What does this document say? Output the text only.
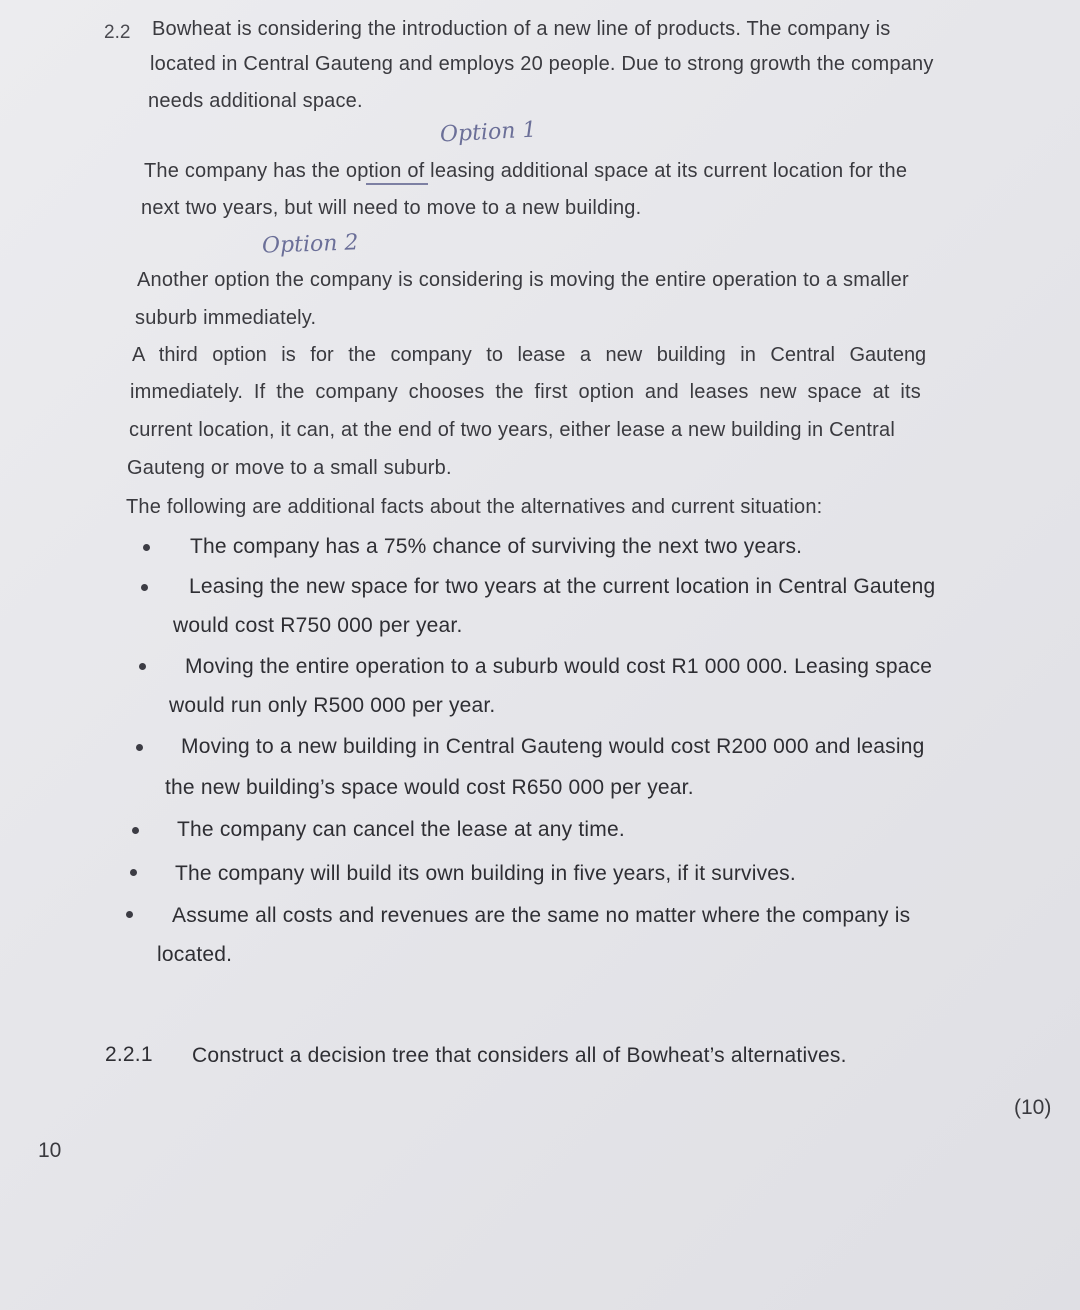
2.2 Bowheat is considering the introduction of a new line of products. The company is
located in Central Gauteng and employs 20 people. Due to strong growth the company
needs additional space.
Option 1
The company has the option of leasing additional space at its current location for the
next two years, but will need to move to a new building.
Option 2
Another option the company is considering is moving the entire operation to a smaller
suburb immediately.
A third option is for the company to lease a new building in Central Gauteng
immediately. If the company chooses the first option and leases new space at its
current location, it can, at the end of two years, either lease a new building in Central
Gauteng or move to a small suburb.
The following are additional facts about the alternatives and current situation:
The company has a 75% chance of surviving the next two years.
Leasing the new space for two years at the current location in Central Gauteng
would cost R750 000 per year.
Moving the entire operation to a suburb would cost R1 000 000. Leasing space
would run only R500 000 per year.
Moving to a new building in Central Gauteng would cost R200 000 and leasing
the new building’s space would cost R650 000 per year.
The company can cancel the lease at any time.
The company will build its own building in five years, if it survives.
Assume all costs and revenues are the same no matter where the company is
located.
2.2.1 Construct a decision tree that considers all of Bowheat’s alternatives.
(10)
10
